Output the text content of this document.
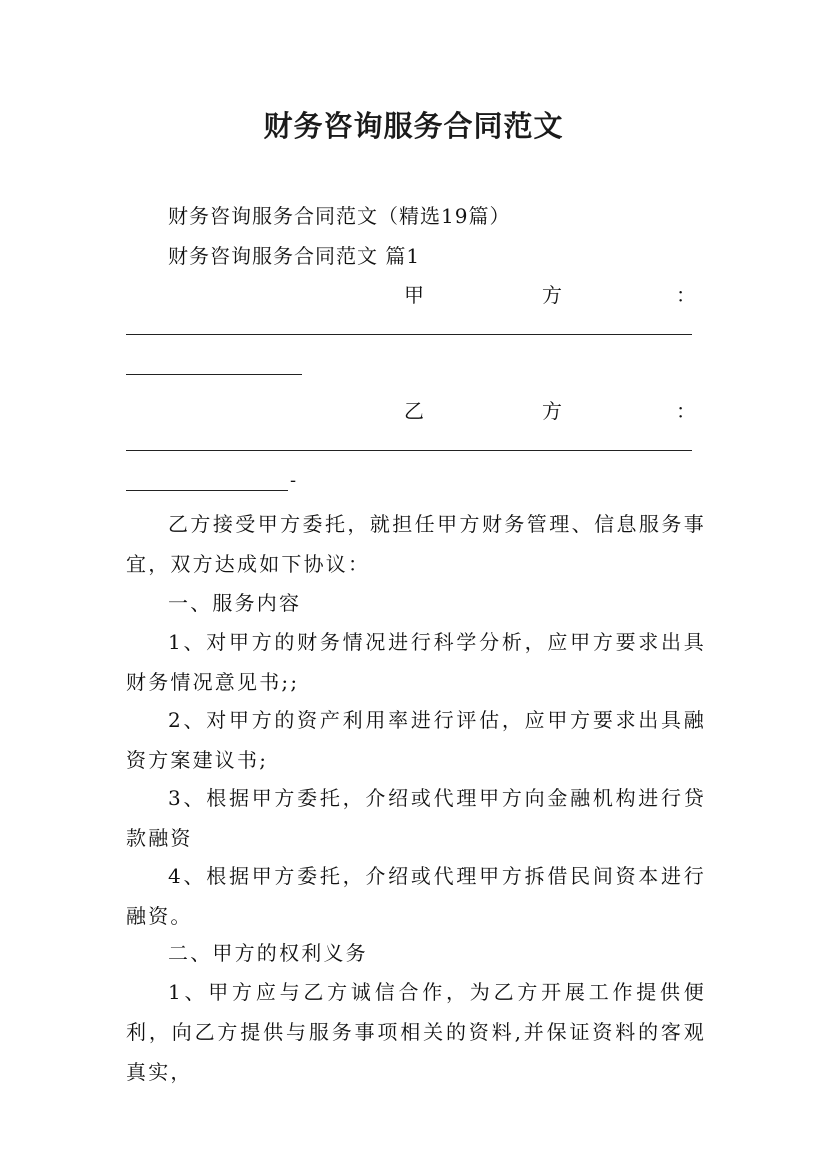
财务咨询服务合同范文
财务咨询服务合同范文（精选19篇）
财务咨询服务合同范文 篇1
甲	方	：
乙	方	：
-
乙方接受甲方委托，就担任甲方财务管理、信息服务事宜，双方达成如下协议：
一、服务内容
1、对甲方的财务情况进行科学分析，应甲方要求出具财务情况意见书;;
2、对甲方的资产利用率进行评估，应甲方要求出具融资方案建议书;
3、根据甲方委托，介绍或代理甲方向金融机构进行贷款融资
4、根据甲方委托，介绍或代理甲方拆借民间资本进行融资。
二、甲方的权利义务
1、甲方应与乙方诚信合作，为乙方开展工作提供便利，向乙方提供与服务事项相关的资料,并保证资料的客观真实，
